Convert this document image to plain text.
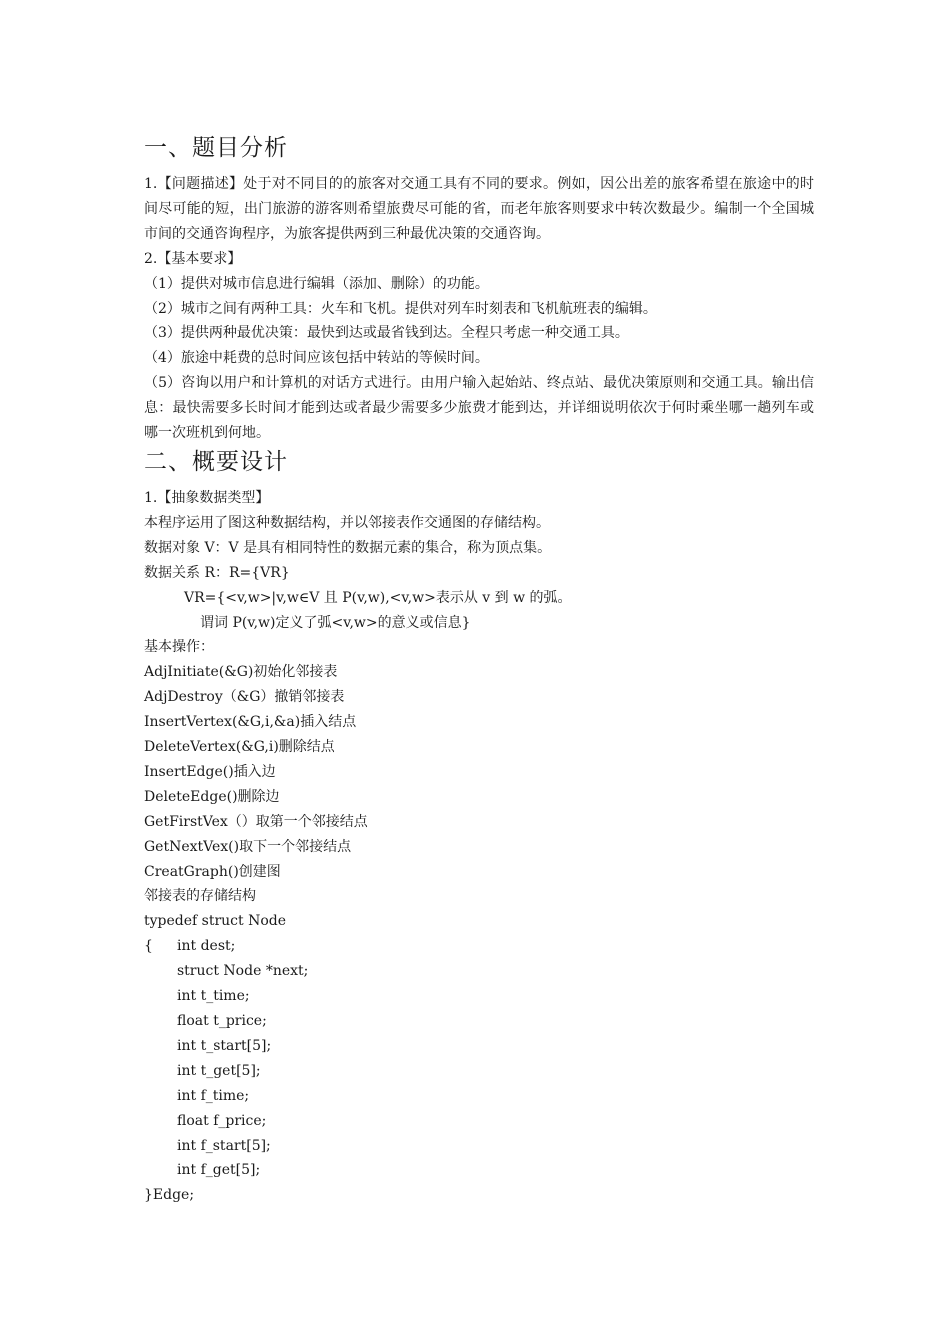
一、题目分析

1.【问题描述】处于对不同目的的旅客对交通工具有不同的要求。例如，因公出差的旅客希望在旅途中的时间尽可能的短，出门旅游的游客则希望旅费尽可能的省，而老年旅客则要求中转次数最少。编制一个全国城市间的交通咨询程序，为旅客提供两到三种最优决策的交通咨询。

2.【基本要求】

（1）提供对城市信息进行编辑（添加、删除）的功能。

（2）城市之间有两种工具：火车和飞机。提供对列车时刻表和飞机航班表的编辑。

（3）提供两种最优决策：最快到达或最省钱到达。全程只考虑一种交通工具。

（4）旅途中耗费的总时间应该包括中转站的等候时间。

（5）咨询以用户和计算机的对话方式进行。由用户输入起始站、终点站、最优决策原则和交通工具。输出信息：最快需要多长时间才能到达或者最少需要多少旅费才能到达，并详细说明依次于何时乘坐哪一趟列车或哪一次班机到何地。

二、概要设计

1.【抽象数据类型】

本程序运用了图这种数据结构，并以邻接表作交通图的存储结构。

数据对象 V：V 是具有相同特性的数据元素的集合，称为顶点集。

数据关系 R：R={VR}

VR={<v,w>|v,w∈V 且 P(v,w),<v,w>表示从 v 到 w 的弧。

谓词 P(v,w)定义了弧<v,w>的意义或信息}

基本操作：

AdjInitiate(&G)初始化邻接表

AdjDestroy（&G）撤销邻接表

InsertVertex(&G,i,&a)插入结点

DeleteVertex(&G,i)删除结点

InsertEdge()插入边

DeleteEdge()删除边

GetFirstVex（）取第一个邻接结点

GetNextVex()取下一个邻接结点

CreatGraph()创建图

邻接表的存储结构

typedef struct Node

{	int dest;

struct Node *next;

int t_time;

float t_price;

int t_start[5];

int t_get[5];

int f_time;

float f_price;

int f_start[5];

int f_get[5];

}Edge;
